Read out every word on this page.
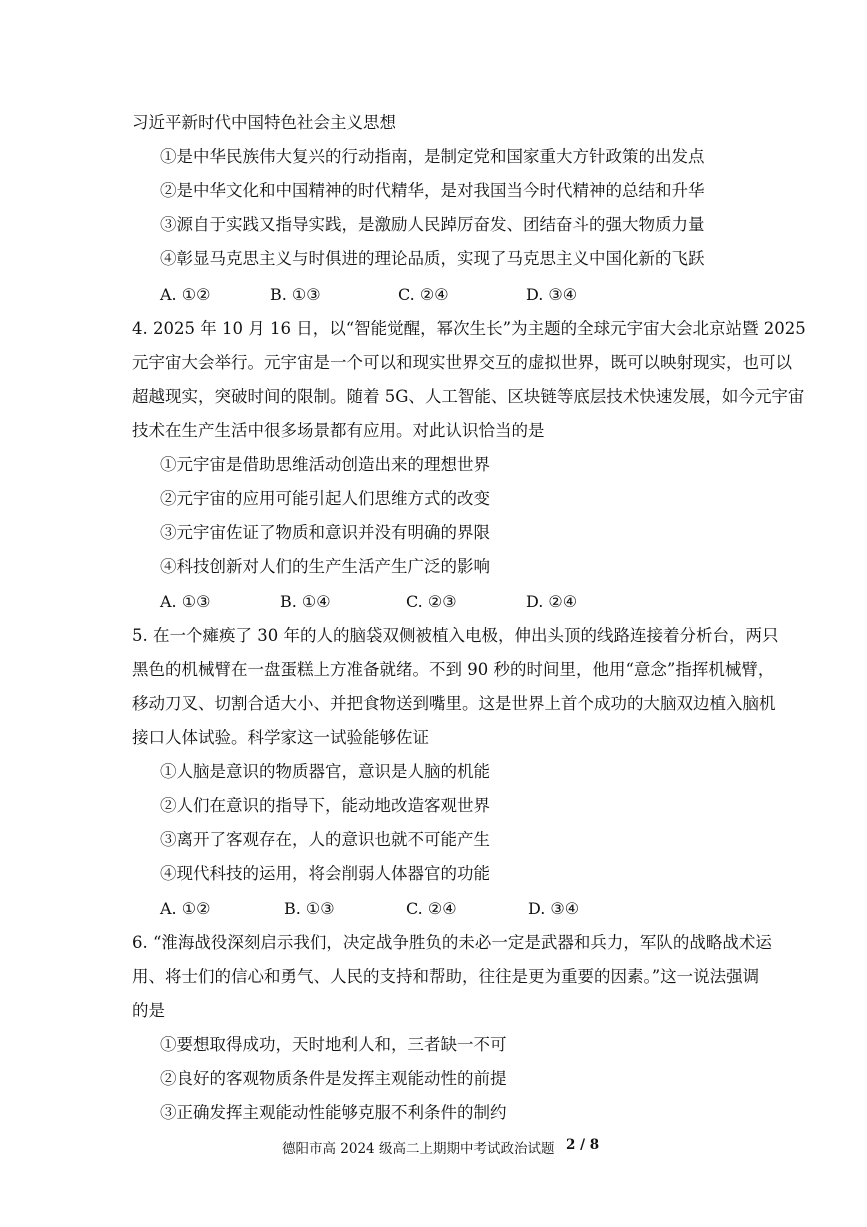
习近平新时代中国特色社会主义思想
①是中华民族伟大复兴的行动指南，是制定党和国家重大方针政策的出发点
②是中华文化和中国精神的时代精华，是对我国当今时代精神的总结和升华
③源自于实践又指导实践，是激励人民踔厉奋发、团结奋斗的强大物质力量
④彰显马克思主义与时俱进的理论品质，实现了马克思主义中国化新的飞跃
A. ①②	B. ①③	C. ②④	D. ③④
4. 2025 年 10 月 16 日，以“智能觉醒，幂次生长”为主题的全球元宇宙大会北京站暨 2025
元宇宙大会举行。元宇宙是一个可以和现实世界交互的虚拟世界，既可以映射现实，也可以
超越现实，突破时间的限制。随着 5G、人工智能、区块链等底层技术快速发展，如今元宇宙
技术在生产生活中很多场景都有应用。对此认识恰当的是
①元宇宙是借助思维活动创造出来的理想世界
②元宇宙的应用可能引起人们思维方式的改变
③元宇宙佐证了物质和意识并没有明确的界限
④科技创新对人们的生产生活产生广泛的影响
A. ①③	B. ①④	C. ②③	D. ②④
5. 在一个瘫痪了 30 年的人的脑袋双侧被植入电极，伸出头顶的线路连接着分析台，两只
黑色的机械臂在一盘蛋糕上方准备就绪。不到 90 秒的时间里，他用“意念”指挥机械臂，
移动刀叉、切割合适大小、并把食物送到嘴里。这是世界上首个成功的大脑双边植入脑机
接口人体试验。科学家这一试验能够佐证
①人脑是意识的物质器官，意识是人脑的机能
②人们在意识的指导下，能动地改造客观世界
③离开了客观存在，人的意识也就不可能产生
④现代科技的运用，将会削弱人体器官的功能
A. ①②	B. ①③	C. ②④	D. ③④
6. “淮海战役深刻启示我们，决定战争胜负的未必一定是武器和兵力，军队的战略战术运
用、将士们的信心和勇气、人民的支持和帮助，往往是更为重要的因素。”这一说法强调
的是
①要想取得成功，天时地利人和，三者缺一不可
②良好的客观物质条件是发挥主观能动性的前提
③正确发挥主观能动性能够克服不利条件的制约
德阳市高 2024 级高二上期期中考试政治试题 2 / 8
